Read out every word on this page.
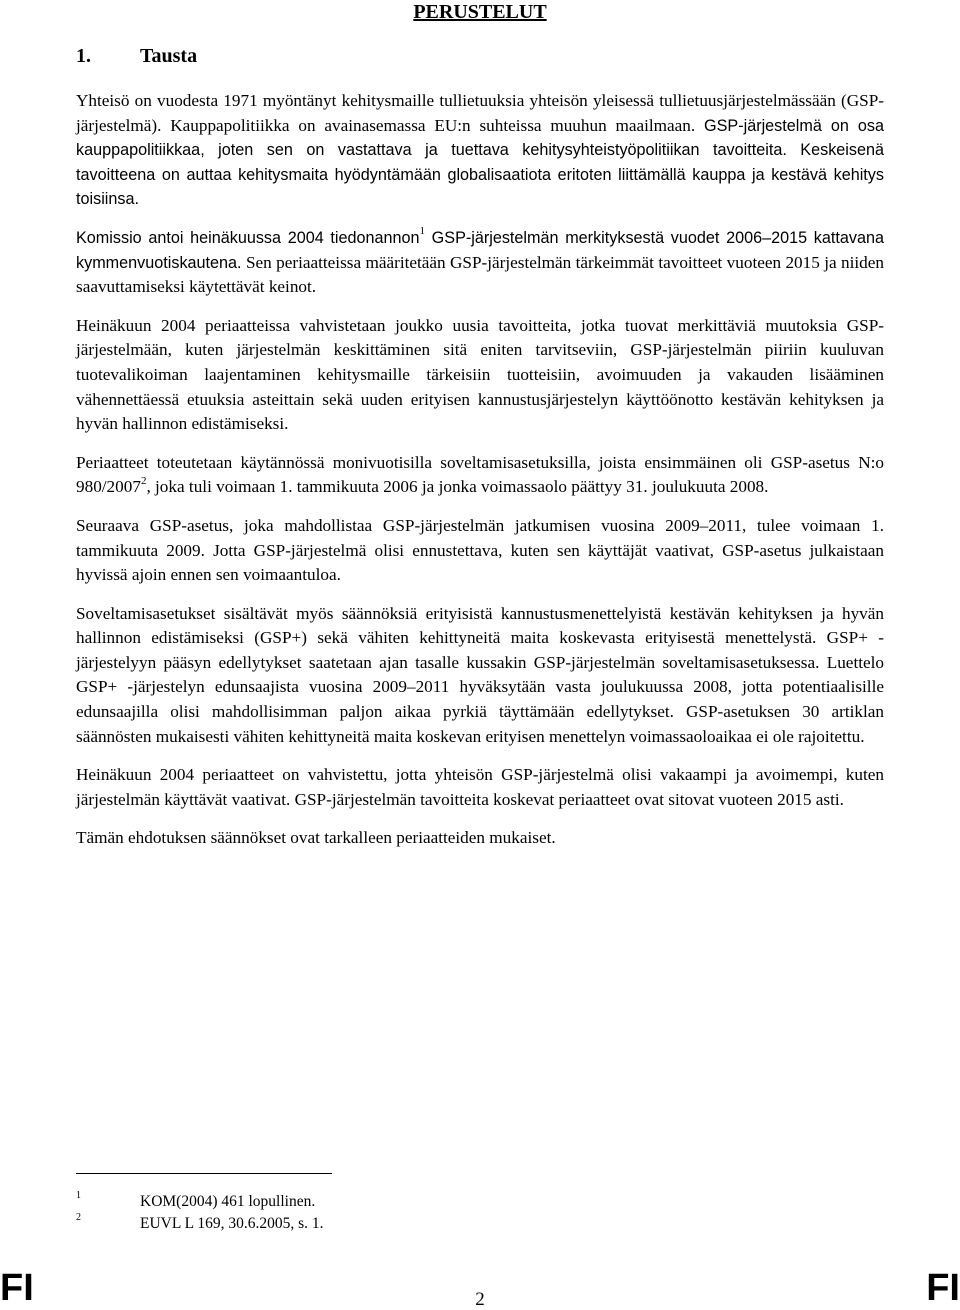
PERUSTELUT
1. Tausta

Yhteisö on vuodesta 1971 myöntänyt kehitysmaille tullietuuksia yhteisön yleisessä tullietuusjärjestelmässään (GSP-järjestelmä). Kauppapolitiikka on avainasemassa EU:n suhteissa muuhun maailmaan. GSP-järjestelmä on osa kauppapolitiikkaa, joten sen on vastattava ja tuettava kehitysyhteistyöpolitiikan tavoitteita. Keskeisenä tavoitteena on auttaa kehitysmaita hyödyntämään globalisaatiota eritoten liittämällä kauppa ja kestävä kehitys toisiinsa.

Komissio antoi heinäkuussa 2004 tiedonannon$^1$ GSP-järjestelmän merkityksestä vuodet 2006–2015 kattavana kymmenvuotiskautena. Sen periaatteissa määritetään GSP-järjestelmän tärkeimmät tavoitteet vuoteen 2015 ja niiden saavuttamiseksi käytettävät keinot.

Heinäkuun 2004 periaatteissa vahvistetaan joukko uusia tavoitteita, jotka tuovat merkittäviä muutoksia GSP-järjestelmään, kuten järjestelmän keskittäminen sitä eniten tarvitseviin, GSP-järjestelmän piiriin kuuluvan tuotevalikoiman laajentaminen kehitysmaille tärkeisiin tuotteisiin, avoimuuden ja vakauden lisääminen vähennettäessä etuuksia asteittain sekä uuden erityisen kannustusjärjestelyn käyttöönotto kestävän kehityksen ja hyvän hallinnon edistämiseksi.

Periaatteet toteutetaan käytännössä monivuotisilla soveltamisasetuksilla, joista ensimmäinen oli GSP-asetus N:o 980/2007$^2$, joka tuli voimaan 1. tammikuuta 2006 ja jonka voimassaolo päättyy 31. joulukuuta 2008.

Seuraava GSP-asetus, joka mahdollistaa GSP-järjestelmän jatkumisen vuosina 2009–2011, tulee voimaan 1. tammikuuta 2009. Jotta GSP-järjestelmä olisi ennustettava, kuten sen käyttäjät vaativat, GSP-asetus julkaistaan hyvissä ajoin ennen sen voimaantuloa.

Soveltamisasetukset sisältävät myös säännöksiä erityisistä kannustusmenettelyistä kestävän kehityksen ja hyvän hallinnon edistämiseksi (GSP+) sekä vähiten kehittyneitä maita koskevasta erityisestä menettelystä. GSP+ -järjestelyyn pääsyn edellytykset saatetaan ajan tasalle kussakin GSP-järjestelmän soveltamisasetuksessa. Luettelo GSP+ -järjestelyn edunsaajista vuosina 2009–2011 hyväksytään vasta joulukuussa 2008, jotta potentiaalisille edunsaajilla olisi mahdollisimman paljon aikaa pyrkiä täyttämään edellytykset. GSP-asetuksen 30 artiklan säännösten mukaisesti vähiten kehittyneitä maita koskevan erityisen menettelyn voimassaoloaikaa ei ole rajoitettu.

Heinäkuun 2004 periaatteet on vahvistettu, jotta yhteisön GSP-järjestelmä olisi vakaampi ja avoimempi, kuten järjestelmän käyttävät vaativat. GSP-järjestelmän tavoitteita koskevat periaatteet ovat sitovat vuoteen 2015 asti.

Tämän ehdotuksen säännökset ovat tarkalleen periaatteiden mukaiset.

1	KOM(2004) 461 lopullinen.
2	EUVL L 169, 30.6.2005, s. 1.
FI	2	FI
